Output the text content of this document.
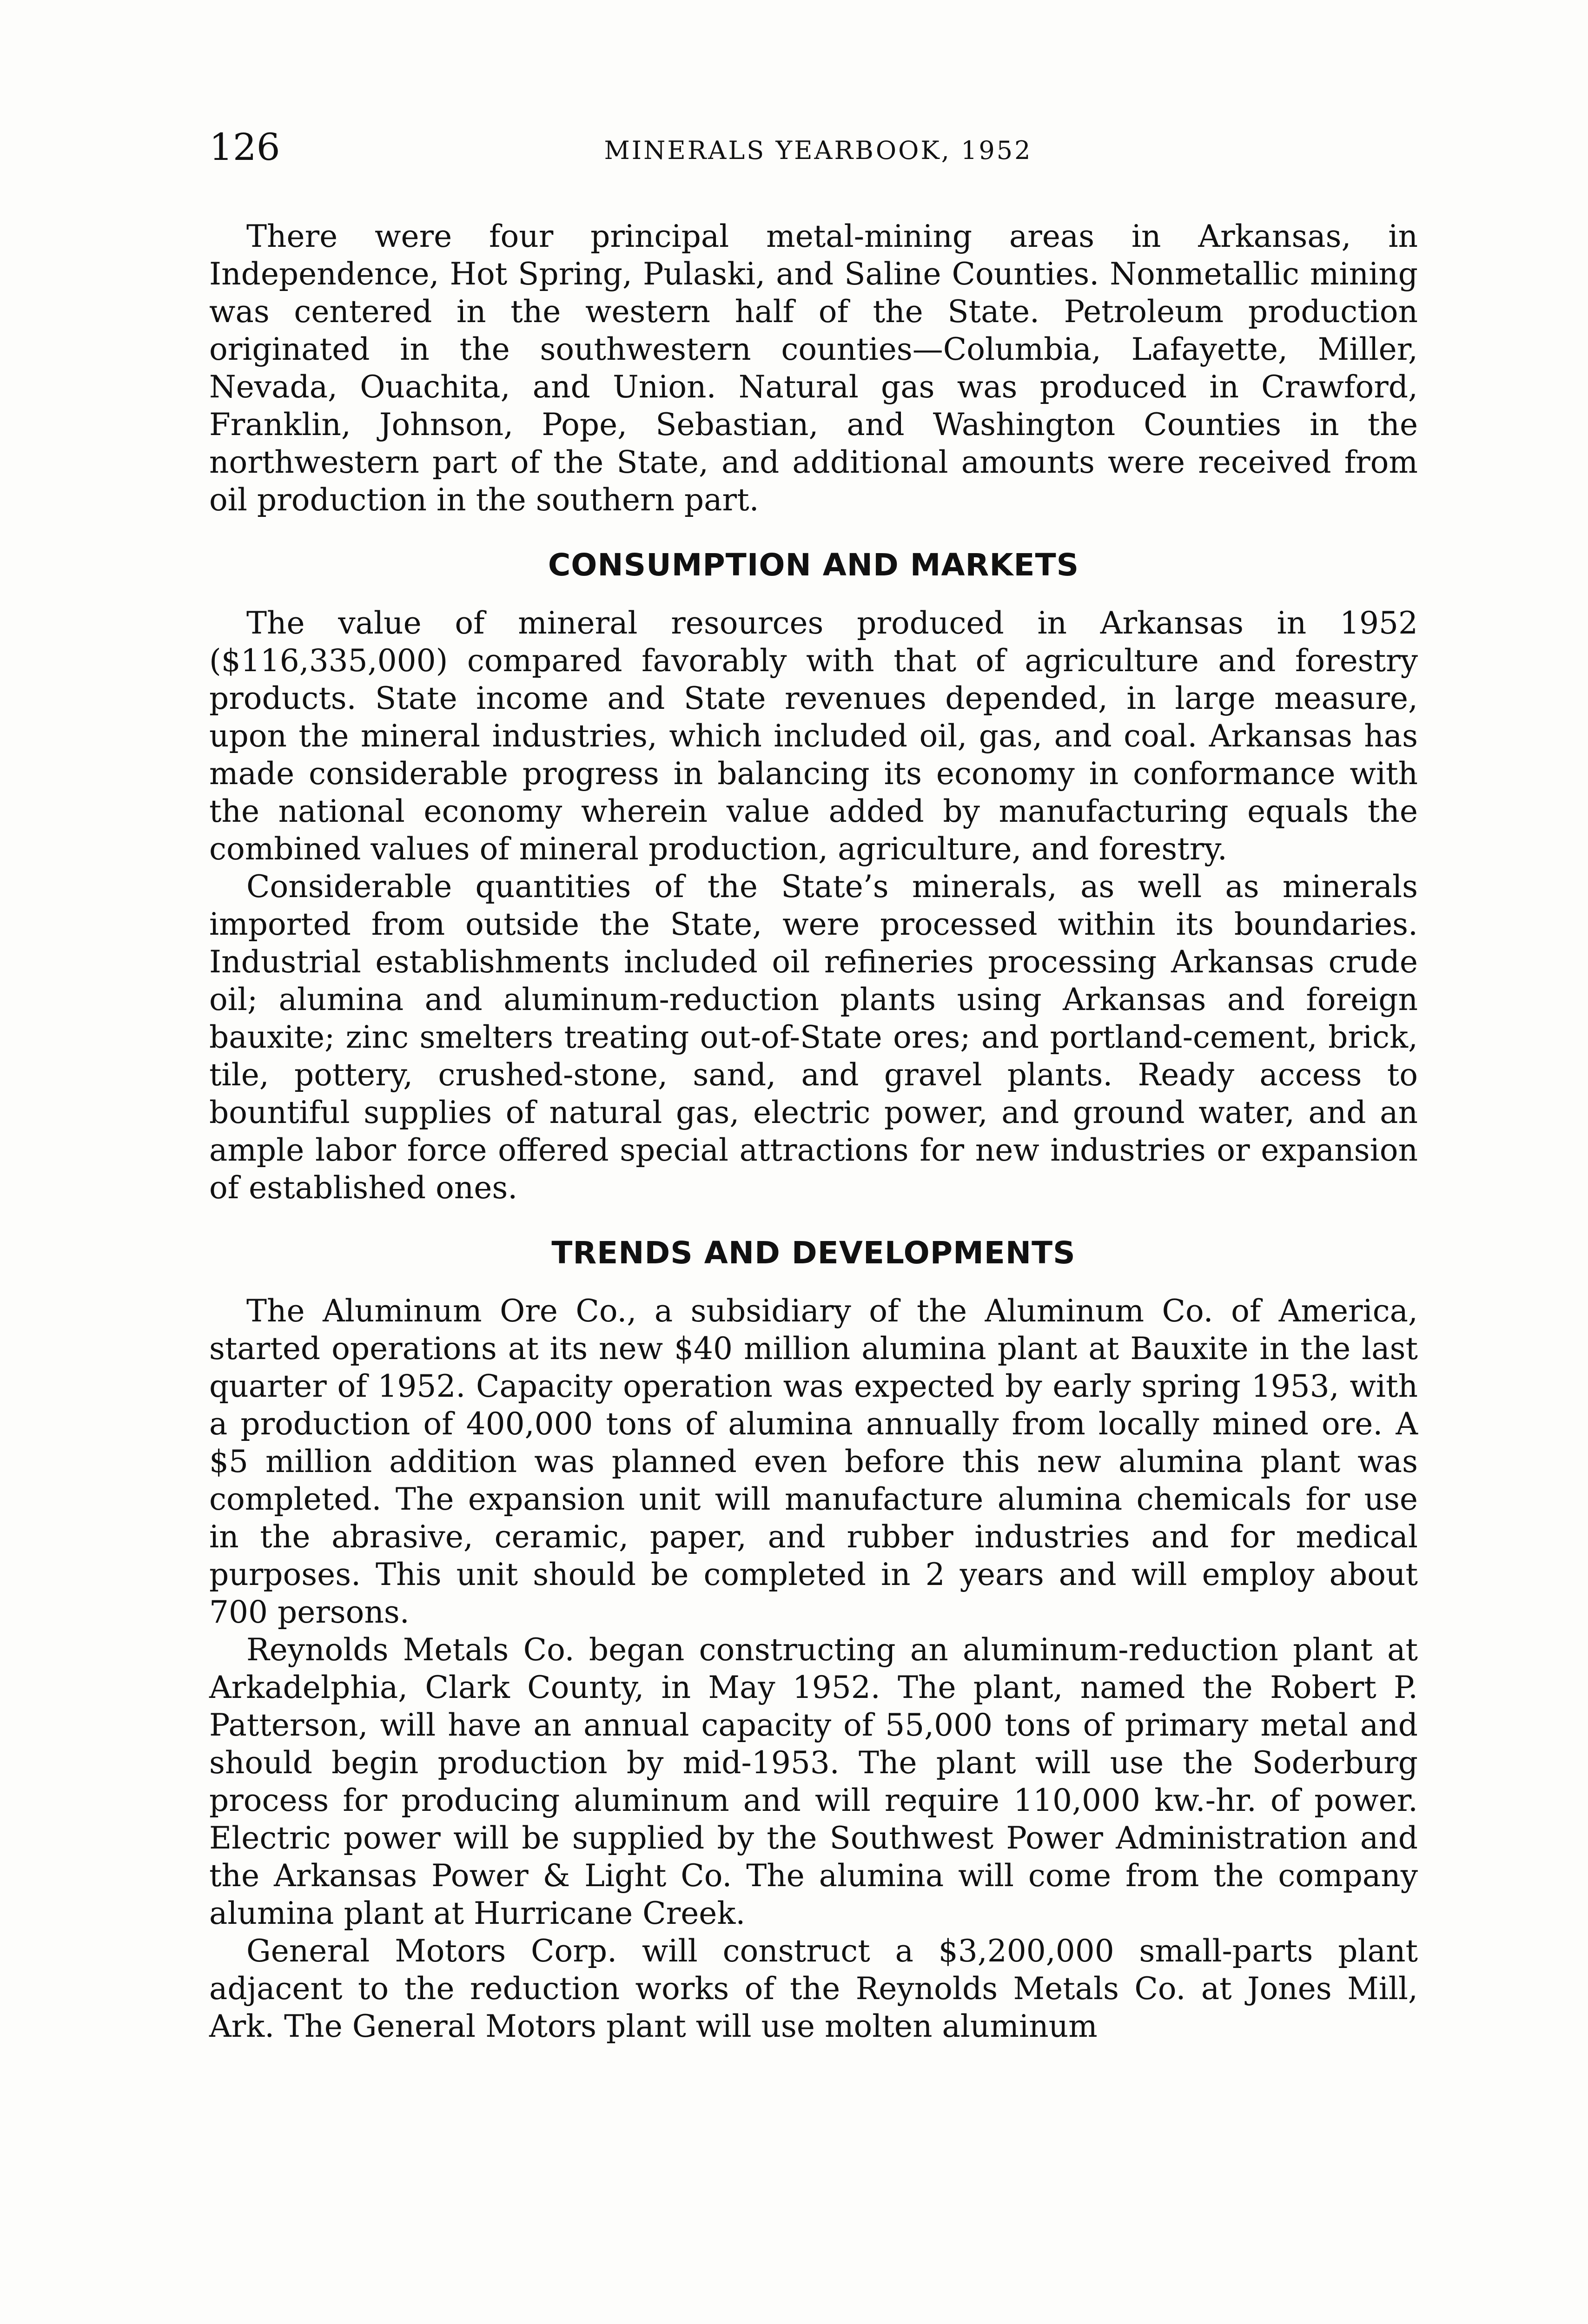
126	MINERALS YEARBOOK, 1952

There were four principal metal-mining areas in Arkansas, in Independence, Hot Spring, Pulaski, and Saline Counties. Nonmetallic mining was centered in the western half of the State. Petroleum production originated in the southwestern counties—Columbia, Lafayette, Miller, Nevada, Ouachita, and Union. Natural gas was produced in Crawford, Franklin, Johnson, Pope, Sebastian, and Washington Counties in the northwestern part of the State, and additional amounts were received from oil production in the southern part.

CONSUMPTION AND MARKETS

The value of mineral resources produced in Arkansas in 1952 ($116,335,000) compared favorably with that of agriculture and forestry products. State income and State revenues depended, in large measure, upon the mineral industries, which included oil, gas, and coal. Arkansas has made considerable progress in balancing its economy in conformance with the national economy wherein value added by manufacturing equals the combined values of mineral production, agriculture, and forestry.

Considerable quantities of the State’s minerals, as well as minerals imported from outside the State, were processed within its boundaries. Industrial establishments included oil refineries processing Arkansas crude oil; alumina and aluminum-reduction plants using Arkansas and foreign bauxite; zinc smelters treating out-of-State ores; and portland-cement, brick, tile, pottery, crushed-stone, sand, and gravel plants. Ready access to bountiful supplies of natural gas, electric power, and ground water, and an ample labor force offered special attractions for new industries or expansion of established ones.

TRENDS AND DEVELOPMENTS

The Aluminum Ore Co., a subsidiary of the Aluminum Co. of America, started operations at its new $40 million alumina plant at Bauxite in the last quarter of 1952. Capacity operation was expected by early spring 1953, with a production of 400,000 tons of alumina annually from locally mined ore. A $5 million addition was planned even before this new alumina plant was completed. The expansion unit will manufacture alumina chemicals for use in the abrasive, ceramic, paper, and rubber industries and for medical purposes. This unit should be completed in 2 years and will employ about 700 persons.

Reynolds Metals Co. began constructing an aluminum-reduction plant at Arkadelphia, Clark County, in May 1952. The plant, named the Robert P. Patterson, will have an annual capacity of 55,000 tons of primary metal and should begin production by mid-1953. The plant will use the Soderburg process for producing aluminum and will require 110,000 kw.-hr. of power. Electric power will be supplied by the Southwest Power Administration and the Arkansas Power & Light Co. The alumina will come from the company alumina plant at Hurricane Creek.

General Motors Corp. will construct a $3,200,000 small-parts plant adjacent to the reduction works of the Reynolds Metals Co. at Jones Mill, Ark. The General Motors plant will use molten aluminum
